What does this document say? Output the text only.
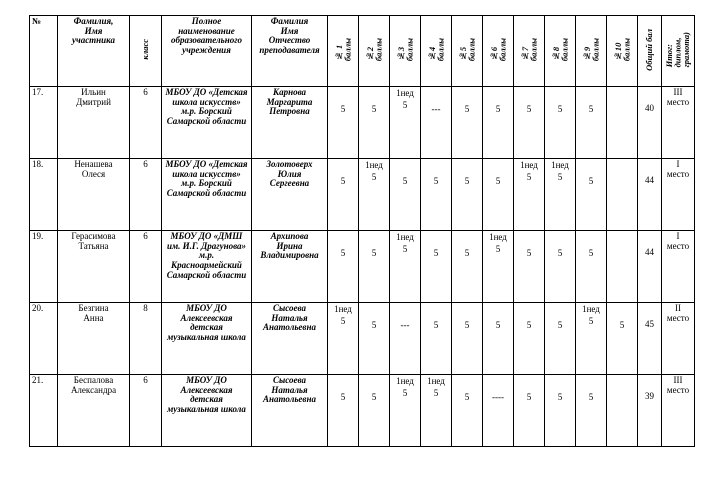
№	Фамилия,
Имя
участника	класс	Полное наименование образовательного учреждения	Фамилия
Имя
Отчество
преподавателя	№ 1
баллы	№2
баллы	№3
баллы	№4
баллы	№5
баллы	№6
баллы	№7
баллы	№8
баллы	№9
баллы	№10
баллы	Общий бал	Итог:
диплом,
грамота)
17.	Ильин
Дмитрий	6	МБОУ ДО «Детская школа искусств» м.р. Борский Самарской области	Карнова
Маргарита
Петровна	5	5	1нед
5	---	5	5	5	5	5		40	III
место
18.	Ненашева
Олеся	6	МБОУ ДО «Детская школа искусств» м.р. Борский Самарской области	Золотоверх
Юлия
Сергеевна	5	1нед
5	5	5	5	5	1нед
5	1нед
5	5		44	I
место
19.	Герасимова
Татьяна	6	МБОУ ДО «ДМШ им. И.Г. Драгунова» м.р. Красноармейский Самарской области	Архипова
Ирина
Владимировна	5	5	1нед
5	5	5	1нед
5	5	5	5		44	I
место
20.	Безгина
Анна	8	МБОУ ДО Алексеевская детская музыкальная школа	Сысоева
Наталья
Анатольевна	1нед
5	5	---	5	5	5	5	5	1нед
5	5	45	II
место
21.	Беспалова
Александра	6	МБОУ ДО Алексеевская детская музыкальная школа	Сысоева
Наталья
Анатольевна	5	5	1нед
5	1нед
5	5	----	5	5	5		39	III
место
